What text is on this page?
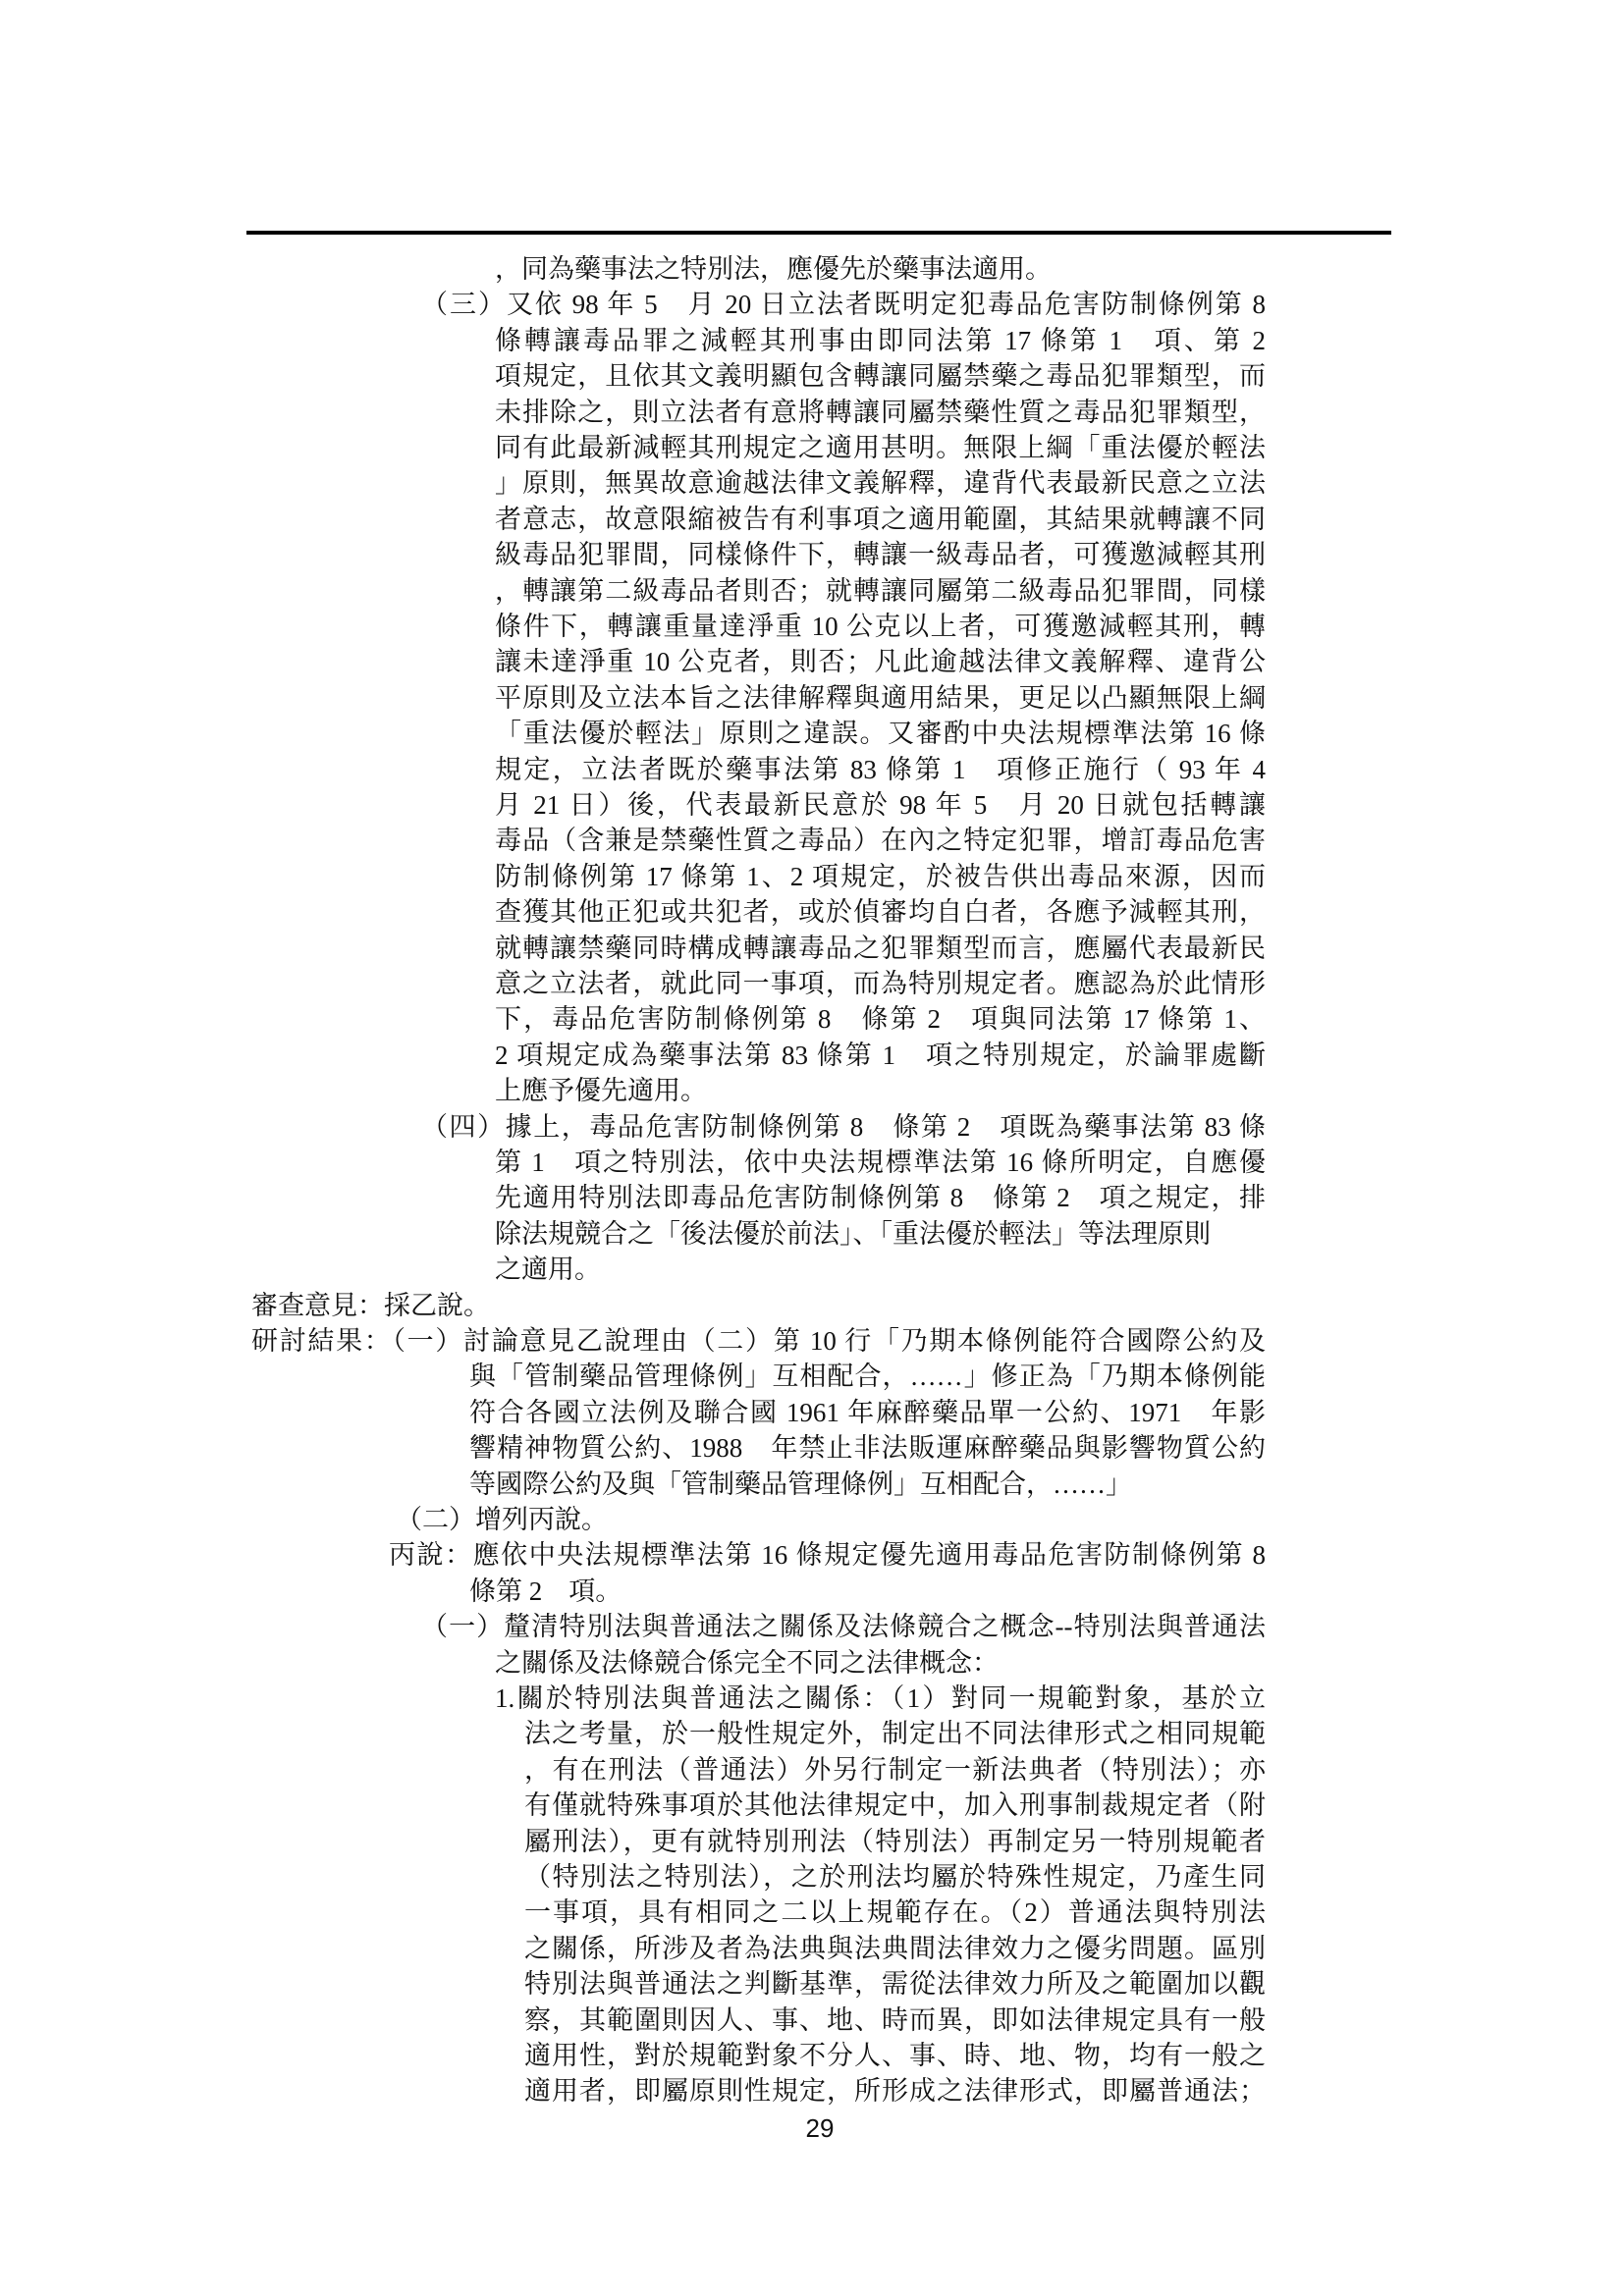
，同為藥事法之特別法，應優先於藥事法適用。
（三）又依 98 年 5　月 20 日立法者既明定犯毒品危害防制條例第 8
條轉讓毒品罪之減輕其刑事由即同法第 17 條第 1　項、第 2
項規定，且依其文義明顯包含轉讓同屬禁藥之毒品犯罪類型，而
未排除之，則立法者有意將轉讓同屬禁藥性質之毒品犯罪類型，
同有此最新減輕其刑規定之適用甚明。無限上綱「重法優於輕法
」原則，無異故意逾越法律文義解釋，違背代表最新民意之立法
者意志，故意限縮被告有利事項之適用範圍，其結果就轉讓不同
級毒品犯罪間，同樣條件下，轉讓一級毒品者，可獲邀減輕其刑
，轉讓第二級毒品者則否；就轉讓同屬第二級毒品犯罪間，同樣
條件下，轉讓重量達淨重 10 公克以上者，可獲邀減輕其刑，轉
讓未達淨重 10 公克者，則否；凡此逾越法律文義解釋、違背公
平原則及立法本旨之法律解釋與適用結果，更足以凸顯無限上綱
「重法優於輕法」原則之違誤。又審酌中央法規標準法第 16 條
規定，立法者既於藥事法第 83 條第 1　項修正施行（ 93 年 4
月 21 日）後，代表最新民意於 98 年 5　月 20 日就包括轉讓
毒品（含兼是禁藥性質之毒品）在內之特定犯罪，增訂毒品危害
防制條例第 17 條第 1、2 項規定，於被告供出毒品來源，因而
查獲其他正犯或共犯者，或於偵審均自白者，各應予減輕其刑，
就轉讓禁藥同時構成轉讓毒品之犯罪類型而言，應屬代表最新民
意之立法者，就此同一事項，而為特別規定者。應認為於此情形
下，毒品危害防制條例第 8　條第 2　項與同法第 17 條第 1、
2 項規定成為藥事法第 83 條第 1　項之特別規定，於論罪處斷
上應予優先適用。
（四）據上，毒品危害防制條例第 8　條第 2　項既為藥事法第 83 條
第 1　項之特別法，依中央法規標準法第 16 條所明定，自應優
先適用特別法即毒品危害防制條例第 8　條第 2　項之規定，排
除法規競合之「後法優於前法」、「重法優於輕法」等法理原則
之適用。
審查意見：採乙說。
研討結果：（一）討論意見乙說理由（二）第 10 行「乃期本條例能符合國際公約及
與「管制藥品管理條例」互相配合，……」修正為「乃期本條例能
符合各國立法例及聯合國 1961 年麻醉藥品單一公約、1971　年影
響精神物質公約、1988　年禁止非法販運麻醉藥品與影響物質公約
等國際公約及與「管制藥品管理條例」互相配合，……」
（二）增列丙說。
丙說：應依中央法規標準法第 16 條規定優先適用毒品危害防制條例第 8
條第 2　項。
（一）釐清特別法與普通法之關係及法條競合之概念--特別法與普通法
之關係及法條競合係完全不同之法律概念：
1.關於特別法與普通法之關係：（1）對同一規範對象，基於立
法之考量，於一般性規定外，制定出不同法律形式之相同規範
，有在刑法（普通法）外另行制定一新法典者（特別法）；亦
有僅就特殊事項於其他法律規定中，加入刑事制裁規定者（附
屬刑法），更有就特別刑法（特別法）再制定另一特別規範者
（特別法之特別法），之於刑法均屬於特殊性規定，乃產生同
一事項，具有相同之二以上規範存在。（2）普通法與特別法
之關係，所涉及者為法典與法典間法律效力之優劣問題。區別
特別法與普通法之判斷基準，需從法律效力所及之範圍加以觀
察，其範圍則因人、事、地、時而異，即如法律規定具有一般
適用性，對於規範對象不分人、事、時、地、物，均有一般之
適用者，即屬原則性規定，所形成之法律形式，即屬普通法；
29
